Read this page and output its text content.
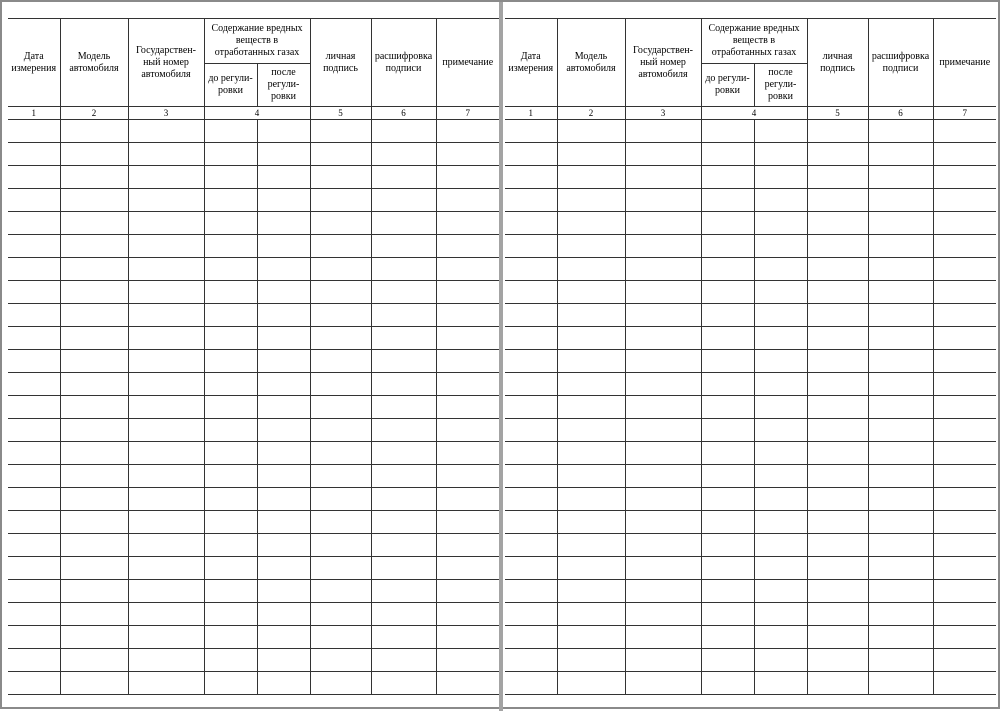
Дата измерения	Модель автомобиля	Государственный номер автомобиля	Содержание вредных веществ в отработанных газах		личная подпись	расшифровка подписи	примечание
			до регулировки	после регулировки			
1	2	3	4		5	6	7

Дата измерения	Модель автомобиля	Государственный номер автомобиля	Содержание вредных веществ в отработанных газах		личная подпись	расшифровка подписи	примечание
			до регулировки	после регулировки			
1	2	3	4		5	6	7
